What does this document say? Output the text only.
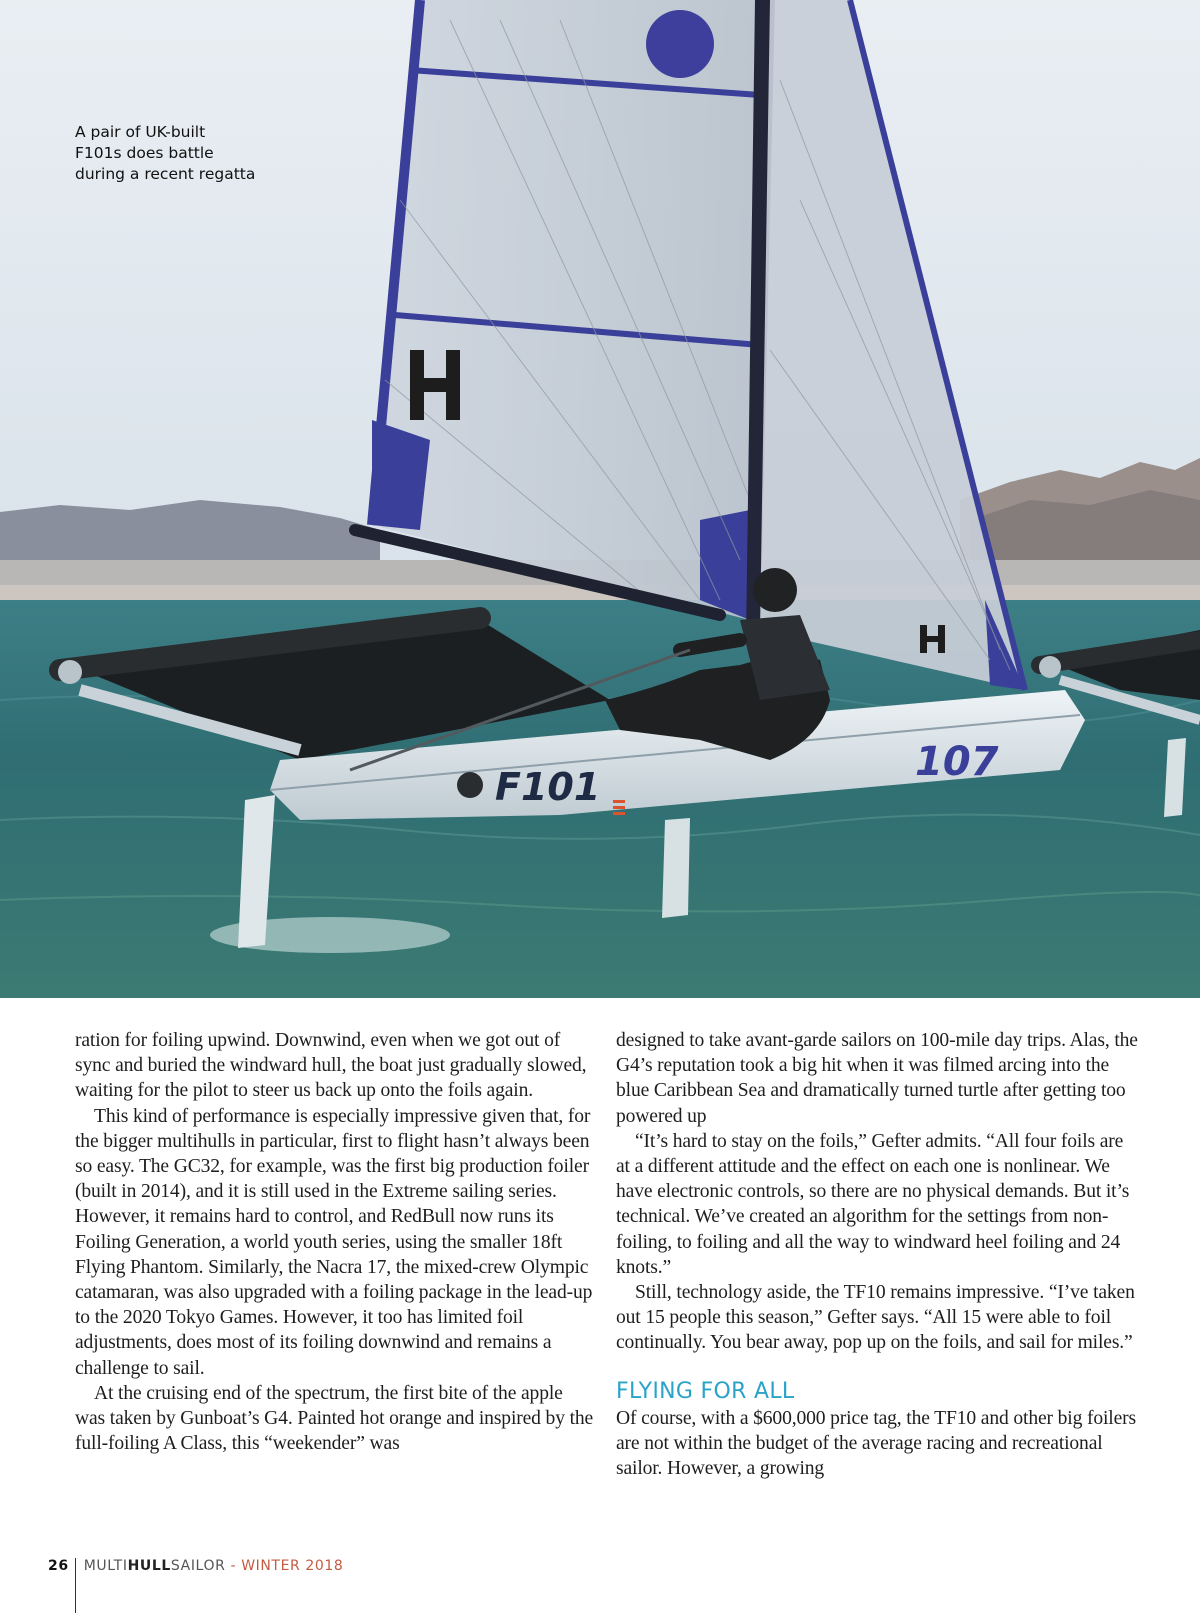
F101
107

A pair of UK-built
F101s does battle
during a recent regatta

ration for foiling upwind. Downwind, even when we got out of sync and buried the windward hull, the boat just gradually slowed, waiting for the pilot to steer us back up onto the foils again.

This kind of performance is especially impressive given that, for the bigger multihulls in particular, first to flight hasn’t always been so easy. The GC32, for example, was the first big production foiler (built in 2014), and it is still used in the Extreme sailing series. However, it remains hard to control, and RedBull now runs its Foiling Generation, a world youth series, using the smaller 18ft Flying Phantom. Similarly, the Nacra 17, the mixed-crew Olympic catamaran, was also upgraded with a foiling package in the lead-up to the 2020 Tokyo Games. However, it too has limited foil adjustments, does most of its foiling downwind and remains a challenge to sail.

At the cruising end of the spectrum, the first bite of the apple was taken by Gunboat’s G4. Painted hot orange and inspired by the full-foiling A Class, this “weekender” was

designed to take avant-garde sailors on 100-mile day trips. Alas, the G4’s reputation took a big hit when it was filmed arcing into the blue Caribbean Sea and dramatically turned turtle after getting too powered up

“It’s hard to stay on the foils,” Gefter admits. “All four foils are at a different attitude and the effect on each one is nonlinear. We have electronic controls, so there are no physical demands. But it’s technical. We’ve created an algorithm for the settings from non-foiling, to foiling and all the way to windward heel foiling and 24 knots.”

Still, technology aside, the TF10 remains impressive. “I’ve taken out 15 people this season,” Gefter says. “All 15 were able to foil continually. You bear away, pop up on the foils, and sail for miles.”

FLYING FOR ALL

Of course, with a $600,000 price tag, the TF10 and other big foilers are not within the budget of the average racing and recreational sailor. However, a growing

26 MULTIHULLSAILOR - WINTER 2018
